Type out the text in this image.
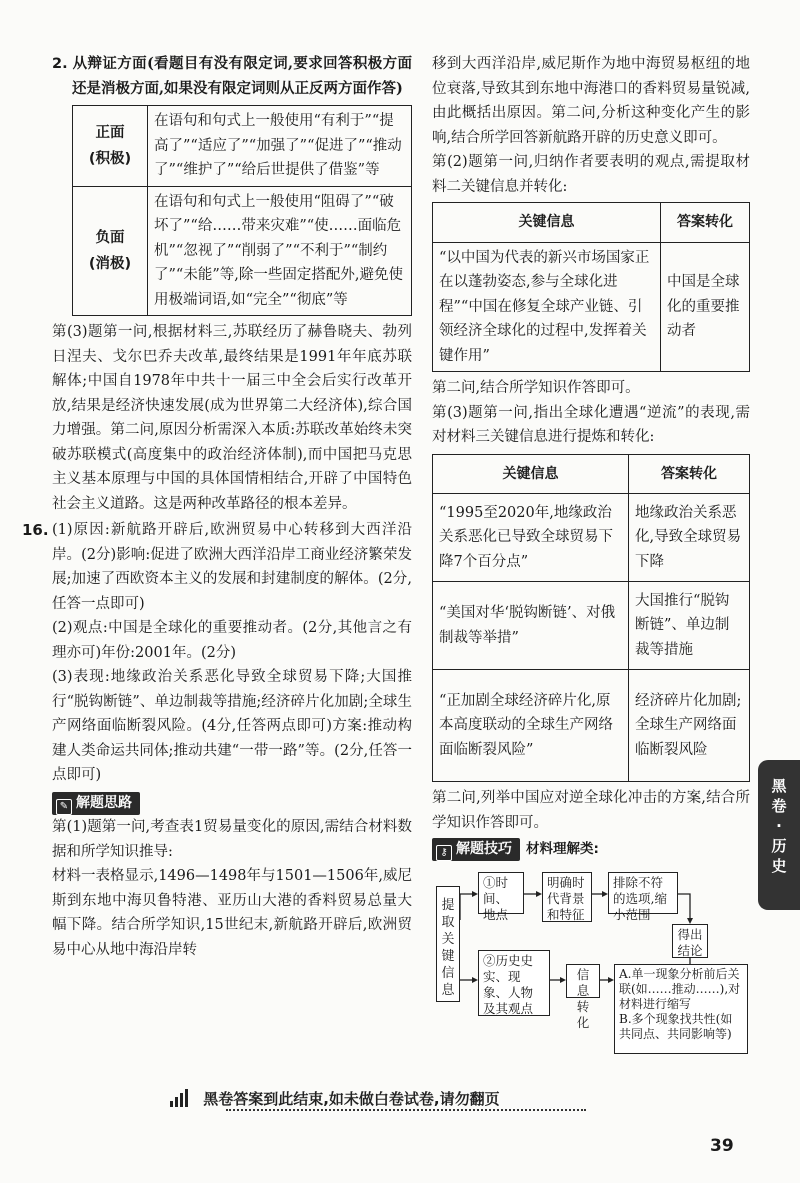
2. 从辩证方面(看题目有没有限定词,要求回答积极方面还是消极方面,如果没有限定词则从正反两方面作答)

正面
(积极)	在语句和句式上一般使用“有利于”“提高了”“适应了”“加强了”“促进了”“推动了”“维护了”“给后世提供了借鉴”等

负面
(消极)	在语句和句式上一般使用“阻碍了”“破坏了”“给……带来灾难”“使……面临危机”“忽视了”“削弱了”“不利于”“制约了”“未能”等,除一些固定搭配外,避免使用极端词语,如“完全”“彻底”等

第(3)题第一问,根据材料三,苏联经历了赫鲁晓夫、勃列日涅夫、戈尔巴乔夫改革,最终结果是1991年年底苏联解体;中国自1978年中共十一届三中全会后实行改革开放,结果是经济快速发展(成为世界第二大经济体),综合国力增强。第二问,原因分析需深入本质:苏联改革始终未突破苏联模式(高度集中的政治经济体制),而中国把马克思主义基本原理与中国的具体国情相结合,开辟了中国特色社会主义道路。这是两种改革路径的根本差异。

16. (1)原因:新航路开辟后,欧洲贸易中心转移到大西洋沿岸。(2分)影响:促进了欧洲大西洋沿岸工商业经济繁荣发展;加速了西欧资本主义的发展和封建制度的解体。(2分,任答一点即可)

(2)观点:中国是全球化的重要推动者。(2分,其他言之有理亦可)年份:2001年。(2分)

(3)表现:地缘政治关系恶化导致全球贸易下降;大国推行“脱钩断链”、单边制裁等措施;经济碎片化加剧;全球生产网络面临断裂风险。(4分,任答两点即可)方案:推动构建人类命运共同体;推动共建“一带一路”等。(2分,任答一点即可)

✎ 解题思路

第(1)题第一问,考查表1贸易量变化的原因,需结合材料数据和所学知识推导:

材料一表格显示,1496—1498年与1501—1506年,威尼斯到东地中海贝鲁特港、亚历山大港的香料贸易总量大幅下降。结合所学知识,15世纪末,新航路开辟后,欧洲贸易中心从地中海沿岸转

移到大西洋沿岸,威尼斯作为地中海贸易枢纽的地位衰落,导致其到东地中海港口的香料贸易量锐减,由此概括出原因。第二问,分析这种变化产生的影响,结合所学回答新航路开辟的历史意义即可。

第(2)题第一问,归纳作者要表明的观点,需提取材料二关键信息并转化:

关键信息	答案转化
“以中国为代表的新兴市场国家正在以蓬勃姿态,参与全球化进程”“中国在修复全球产业链、引领经济全球化的过程中,发挥着关键作用”	中国是全球化的重要推动者

第二问,结合所学知识作答即可。

第(3)题第一问,指出全球化遭遇“逆流”的表现,需对材料三关键信息进行提炼和转化:

关键信息	答案转化
“1995至2020年,地缘政治关系恶化已导致全球贸易下降7个百分点”	地缘政治关系恶化,导致全球贸易下降
“美国对华‘脱钩断链’、对俄制裁等举措”	大国推行“脱钩断链”、单边制裁等措施
“正加剧全球经济碎片化,原本高度联动的全球生产网络面临断裂风险”	经济碎片化加剧;全球生产网络面临断裂风险

第二问,列举中国应对逆全球化冲击的方案,结合所学知识作答即可。

⚷ 解题技巧	材料理解类:
提取关键信息
①时间、地点
明确时代背景和特征
排除不符的选项,缩小范围
得出结论
②历史史实、现象、人物及其观点
信息转化
A.单一现象分析前后关联(如……推动……),对材料进行缩写
B.多个现象找共性(如共同点、共同影响等)
黑
卷
·
历
史
黑卷答案到此结束,如未做白卷试卷,请勿翻页
39
